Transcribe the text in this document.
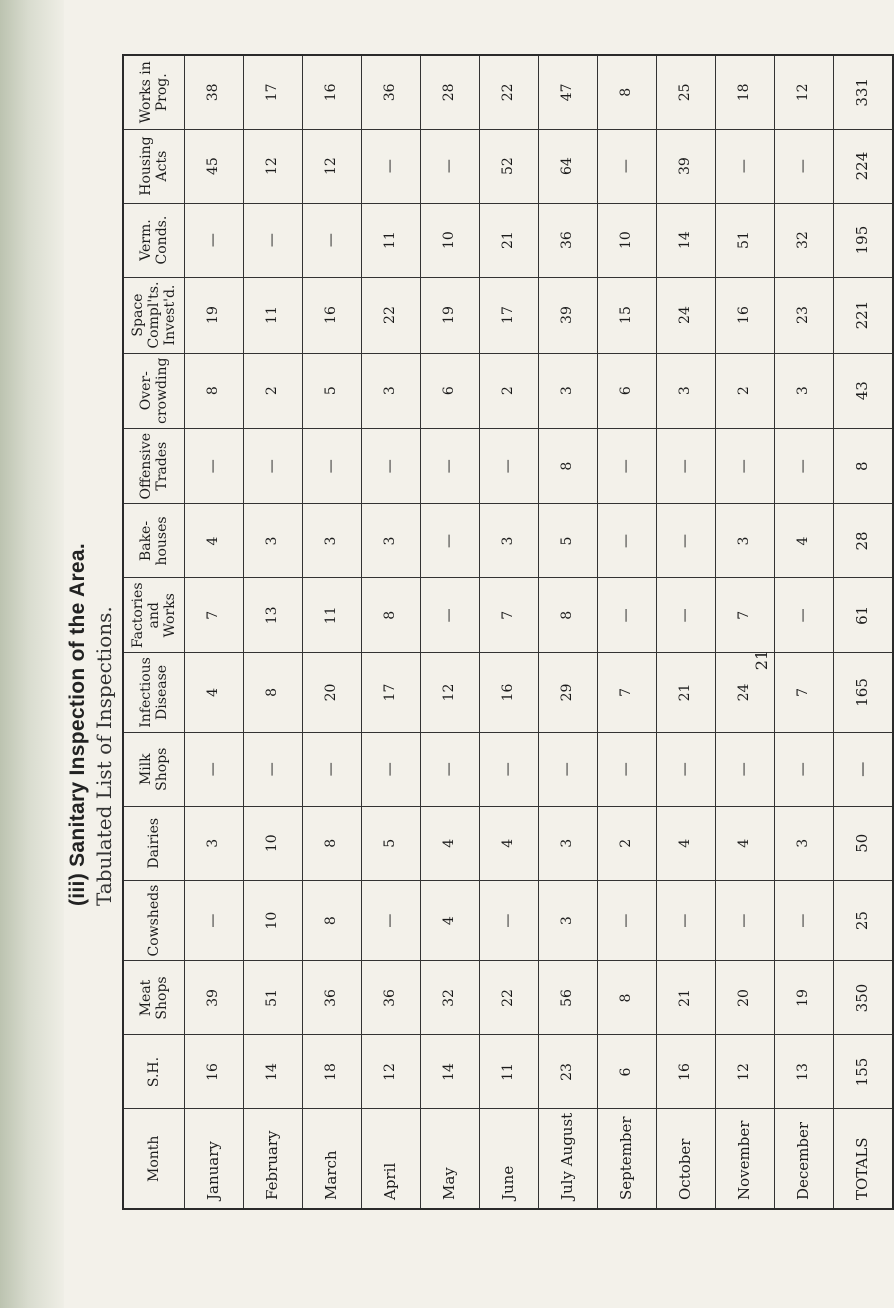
(iii) Sanitary Inspection of the Area. Tabulated List of Inspections.
Month	S.H.	Meat Shops	Cowsheds	Dairies	Milk Shops	Infectious Disease	Factories and Works	Bake-houses	Offensive Trades	Over-crowding	Space Compl'ts. Invest'd.	Verm. Conds.	Housing Acts	Works in Prog.
January	16	39	—	3	—	4	7	4	—	8	19	—	45	38
February	14	51	10	10	—	8	13	3	—	2	11	—	12	17
March	18	36	8	8	—	20	11	3	—	5	16	—	12	16
April	12	36	—	5	—	17	8	3	—	3	22	11	—	36
May	14	32	4	4	—	12	—	—	—	6	19	10	—	28
June	11	22	—	4	—	16	7	3	—	2	17	21	52	22
July August	23	56	3	3	—	29	8	5	8	3	39	36	64	47
September	6	8	—	2	—	7	—	—	—	6	15	10	—	8
October	16	21	—	4	—	21	—	—	—	3	24	14	39	25
November	12	20	—	4	—	24	7	3	—	2	16	51	—	18
December	13	19	—	3	—	7	—	4	—	3	23	32	—	12
TOTALS	155	350	25	50	—	165	61	28	8	43	221	195	224	331
21
